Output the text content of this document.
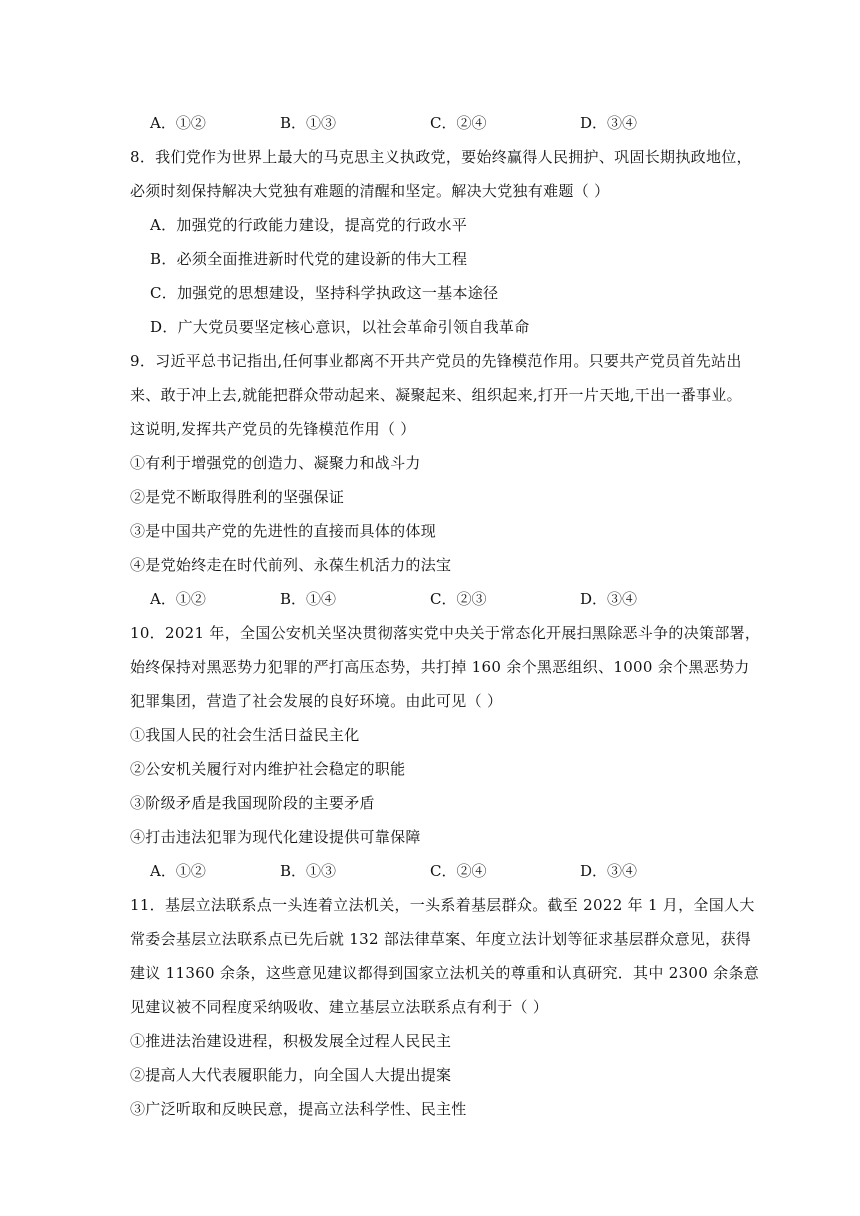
A．①②	B．①③	C．②④	D．③④
8．我们党作为世界上最大的马克思主义执政党，要始终赢得人民拥护、巩固长期执政地位，
必须时刻保持解决大党独有难题的清醒和坚定。解决大党独有难题（ ）
A．加强党的行政能力建设，提高党的行政水平
B．必须全面推进新时代党的建设新的伟大工程
C．加强党的思想建设，坚持科学执政这一基本途径
D．广大党员要坚定核心意识，以社会革命引领自我革命
9．习近平总书记指出,任何事业都离不开共产党员的先锋模范作用。只要共产党员首先站出
来、敢于冲上去,就能把群众带动起来、凝聚起来、组织起来,打开一片天地,干出一番事业。
这说明,发挥共产党员的先锋模范作用（ ）
①有利于增强党的创造力、凝聚力和战斗力
②是党不断取得胜利的坚强保证
③是中国共产党的先进性的直接而具体的体现
④是党始终走在时代前列、永葆生机活力的法宝
A．①②	B．①④	C．②③	D．③④
10．2021 年，全国公安机关坚决贯彻落实党中央关于常态化开展扫黑除恶斗争的决策部署，
始终保持对黑恶势力犯罪的严打高压态势，共打掉 160 余个黑恶组织、1000 余个黑恶势力
犯罪集团，营造了社会发展的良好环境。由此可见（ ）
①我国人民的社会生活日益民主化
②公安机关履行对内维护社会稳定的职能
③阶级矛盾是我国现阶段的主要矛盾
④打击违法犯罪为现代化建设提供可靠保障
A．①②	B．①③	C．②④	D．③④
11．基层立法联系点一头连着立法机关，一头系着基层群众。截至 2022 年 1 月，全国人大
常委会基层立法联系点已先后就 132 部法律草案、年度立法计划等征求基层群众意见，获得
建议 11360 余条，这些意见建议都得到国家立法机关的尊重和认真研究．其中 2300 余条意
见建议被不同程度采纳吸收、建立基层立法联系点有利于（ ）
①推进法治建设进程，积极发展全过程人民民主
②提高人大代表履职能力，向全国人大提出提案
③广泛听取和反映民意，提高立法科学性、民主性
